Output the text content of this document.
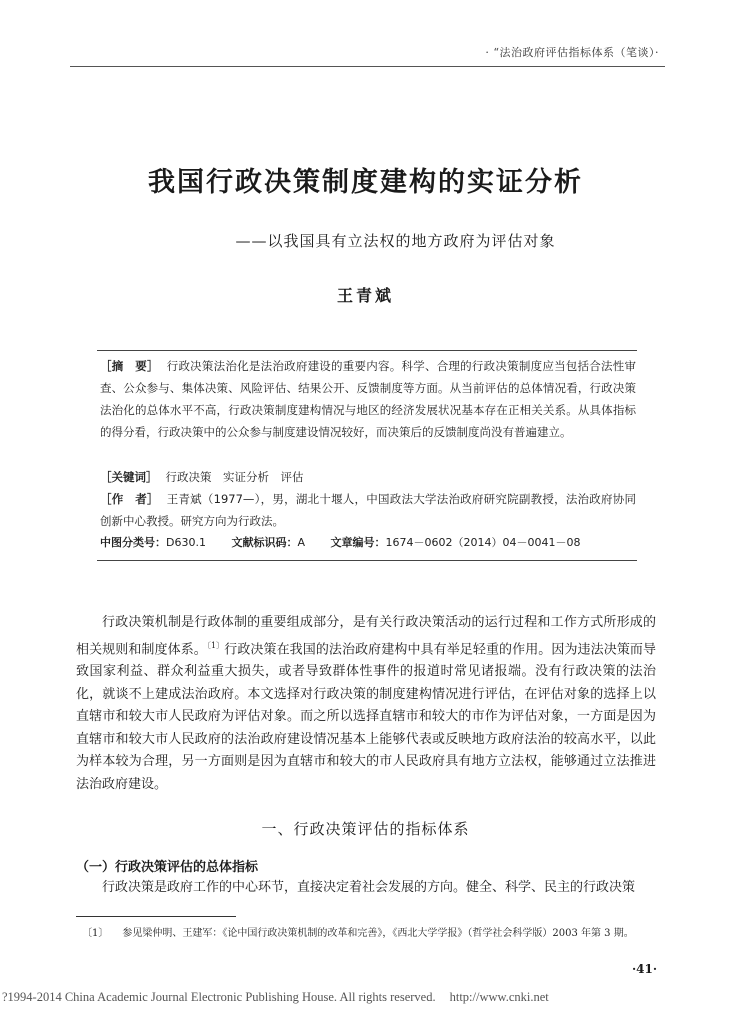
· “法治政府评估指标体系（笔谈）·
我国行政决策制度建构的实证分析
——以我国具有立法权的地方政府为评估对象
王青斌
［摘　要］ 行政决策法治化是法治政府建设的重要内容。科学、合理的行政决策制度应当包括合法性审查、公众参与、集体决策、风险评估、结果公开、反馈制度等方面。从当前评估的总体情况看，行政决策法治化的总体水平不高，行政决策制度建构情况与地区的经济发展状况基本存在正相关关系。从具体指标的得分看，行政决策中的公众参与制度建设情况较好，而决策后的反馈制度尚没有普遍建立。
［关键词］ 行政决策　实证分析　评估
［作　者］ 王青斌（1977—），男，湖北十堰人，中国政法大学法治政府研究院副教授，法治政府协同创新中心教授。研究方向为行政法。
中图分类号：D630.1 文献标识码：A 文章编号：1674－0602（2014）04－0041－08
行政决策机制是行政体制的重要组成部分，是有关行政决策活动的运行过程和工作方式所形成的相关规则和制度体系。$^{〔1〕}$行政决策在我国的法治政府建构中具有举足轻重的作用。因为违法决策而导致国家利益、群众利益重大损失，或者导致群体性事件的报道时常见诸报端。没有行政决策的法治化，就谈不上建成法治政府。本文选择对行政决策的制度建构情况进行评估，在评估对象的选择上以直辖市和较大市人民政府为评估对象。而之所以选择直辖市和较大的市作为评估对象，一方面是因为直辖市和较大市人民政府的法治政府建设情况基本上能够代表或反映地方政府法治的较高水平，以此为样本较为合理，另一方面则是因为直辖市和较大的市人民政府具有地方立法权，能够通过立法推进法治政府建设。
一、行政决策评估的指标体系
（一）行政决策评估的总体指标
行政决策是政府工作的中心环节，直接决定着社会发展的方向。健全、科学、民主的行政决策
〔1〕 参见梁仲明、王建军：《论中国行政决策机制的改革和完善》，《西北大学学报》（哲学社会科学版）2003 年第 3 期。
·41·
?1994-2014 China Academic Journal Electronic Publishing House. All rights reserved. http://www.cnki.net
